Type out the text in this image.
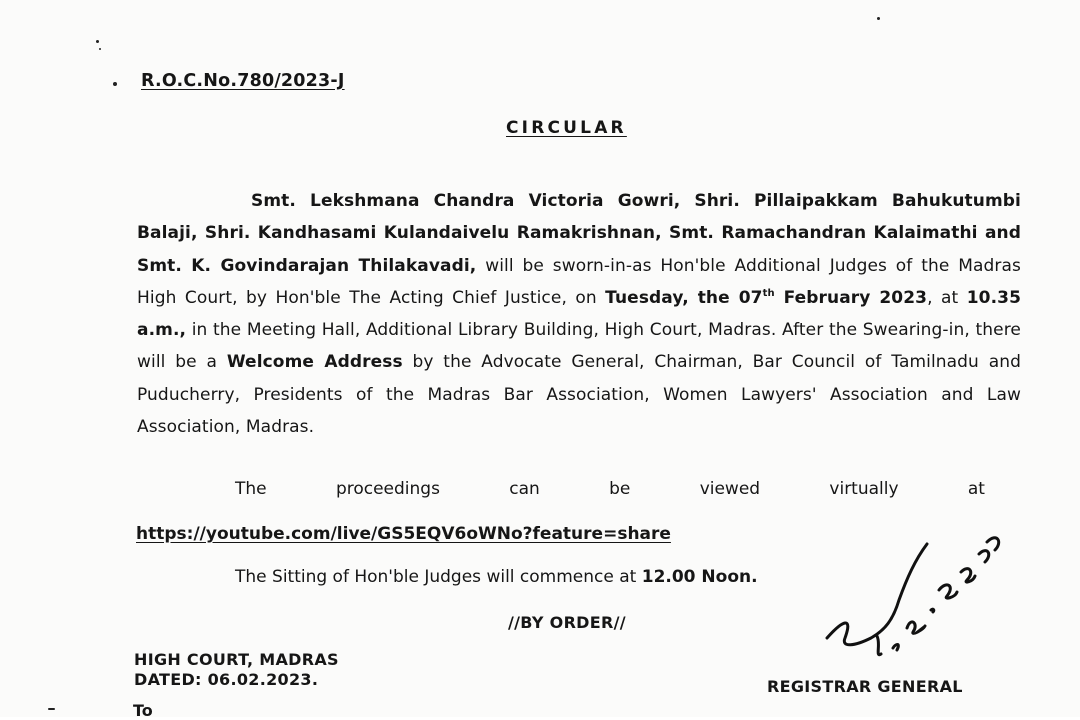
R.O.C.No.780/2023-J
CIRCULAR
Smt. Lekshmana Chandra Victoria Gowri, Shri. Pillaipakkam Bahukutumbi Balaji, Shri. Kandhasami Kulandaivelu Ramakrishnan, Smt. Ramachandran Kalaimathi and Smt. K. Govindarajan Thilakavadi, will be sworn-in-as Hon'ble Additional Judges of the Madras High Court, by Hon'ble The Acting Chief Justice, on Tuesday, the 07th February 2023, at 10.35 a.m., in the Meeting Hall, Additional Library Building, High Court, Madras. After the Swearing-in, there will be a Welcome Address by the Advocate General, Chairman, Bar Council of Tamilnadu and Puducherry, Presidents of the Madras Bar Association, Women Lawyers' Association and Law Association, Madras.
The	proceedings	can	be	viewed	virtually	at
https://youtube.com/live/GS5EQV6oWNo?feature=share
The Sitting of Hon'ble Judges will commence at 12.00 Noon.
//BY ORDER//
HIGH COURT, MADRAS
DATED: 06.02.2023.	REGISTRAR GENERAL
To
